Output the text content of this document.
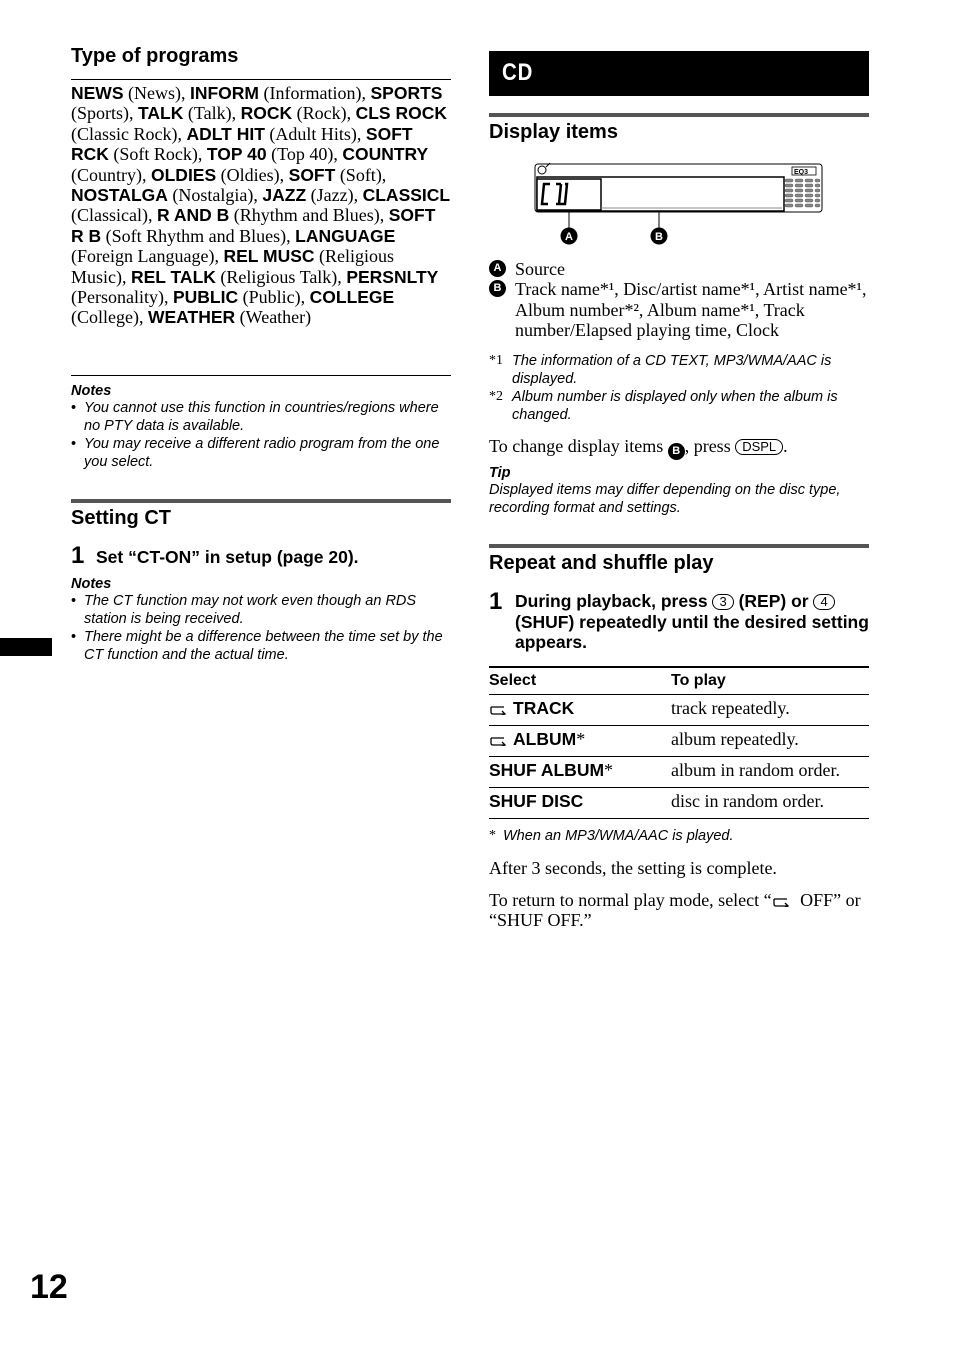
Type of programs
NEWS (News), INFORM (Information), SPORTS (Sports), TALK (Talk), ROCK (Rock), CLS ROCK (Classic Rock), ADLT HIT (Adult Hits), SOFT RCK (Soft Rock), TOP 40 (Top 40), COUNTRY (Country), OLDIES (Oldies), SOFT (Soft), NOSTALGA (Nostalgia), JAZZ (Jazz), CLASSICL (Classical), R AND B (Rhythm and Blues), SOFT R B (Soft Rhythm and Blues), LANGUAGE (Foreign Language), REL MUSC (Religious Music), REL TALK (Religious Talk), PERSNLTY (Personality), PUBLIC (Public), COLLEGE (College), WEATHER (Weather)
Notes
• You cannot use this function in countries/regions where no PTY data is available.
• You may receive a different radio program from the one you select.
Setting CT
1 Set “CT-ON” in setup (page 20).
Notes
• The CT function may not work even though an RDS station is being received.
• There might be a difference between the time set by the CT function and the actual time.
CD
Display items
EQ3
A	B
A Source
B Track name*¹, Disc/artist name*¹, Artist name*¹, Album number*², Album name*¹, Track number/Elapsed playing time, Clock
*1 The information of a CD TEXT, MP3/WMA/AAC is displayed.
*2 Album number is displayed only when the album is changed.
To change display items B , press DSPL .
Tip
Displayed items may differ depending on the disc type, recording format and settings.
Repeat and shuffle play
1 During playback, press 3 (REP) or 4 (SHUF) repeatedly until the desired setting appears.
Select	To play
TRACK	track repeatedly.
ALBUM*	album repeatedly.
SHUF ALBUM*	album in random order.
SHUF DISC	disc in random order.
* When an MP3/WMA/AAC is played.
After 3 seconds, the setting is complete.
To return to normal play mode, select “ OFF” or “SHUF OFF.”
12
